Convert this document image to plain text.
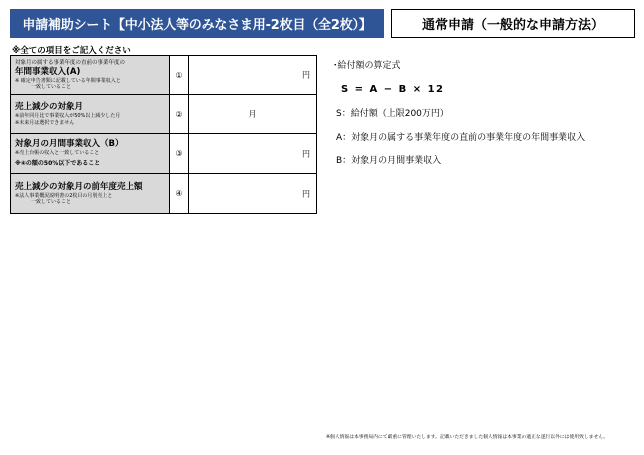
申請補助シート【中小法人等のみなさま用-2枚目（全2枚）】	通常申請（一般的な申請方法）
※全ての項目をご記入ください
対象月の属する事業年度の直前の事業年度の
年間事業収入(A)
※ 確定申告書類に記載している年間事業収入と
一致していること	①	円

売上減少の対象月
※前年同月比で事業収入が50%以上減少した月
※未来月は選択できません	②	月

対象月の月間事業収入（B）
※売上台帳の収入と一致していること
※④の額の50%以下であること	③	円

売上減少の対象月の前年度売上額
※法人事業概況説明書の2枚目の月別売上と
一致していること	④	円
･給付額の算定式
S = A − B × 12
S：給付額（上限200万円）
A：対象月の属する事業年度の直前の事業年度の年間事業収入
B：対象月の月間事業収入
※個人情報は本事務局内にて厳重に管理いたします。記載いただきました個人情報は本事業の適正な遂行以外には使用致しません。
